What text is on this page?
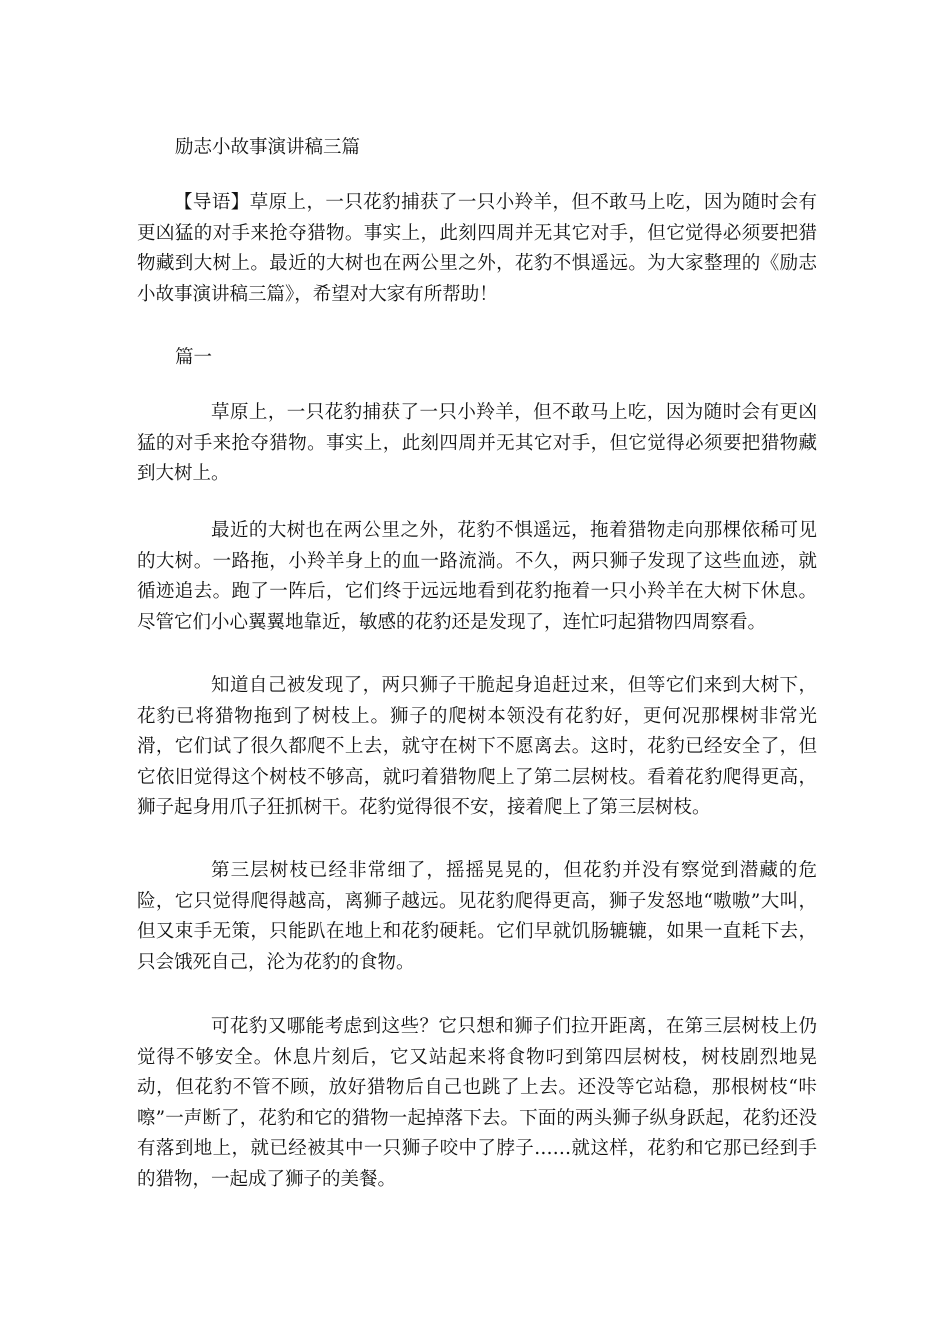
励志小故事演讲稿三篇

【导语】草原上，一只花豹捕获了一只小羚羊，但不敢马上吃，因为随时会有更凶猛的对手来抢夺猎物。事实上，此刻四周并无其它对手，但它觉得必须要把猎物藏到大树上。最近的大树也在两公里之外，花豹不惧遥远。为大家整理的《励志小故事演讲稿三篇》，希望对大家有所帮助！

篇一

草原上，一只花豹捕获了一只小羚羊，但不敢马上吃，因为随时会有更凶猛的对手来抢夺猎物。事实上，此刻四周并无其它对手，但它觉得必须要把猎物藏到大树上。

最近的大树也在两公里之外，花豹不惧遥远，拖着猎物走向那棵依稀可见的大树。一路拖，小羚羊身上的血一路流淌。不久，两只狮子发现了这些血迹，就循迹追去。跑了一阵后，它们终于远远地看到花豹拖着一只小羚羊在大树下休息。尽管它们小心翼翼地靠近，敏感的花豹还是发现了，连忙叼起猎物四周察看。

知道自己被发现了，两只狮子干脆起身追赶过来，但等它们来到大树下，花豹已将猎物拖到了树枝上。狮子的爬树本领没有花豹好，更何况那棵树非常光滑，它们试了很久都爬不上去，就守在树下不愿离去。这时，花豹已经安全了，但它依旧觉得这个树枝不够高，就叼着猎物爬上了第二层树枝。看着花豹爬得更高，狮子起身用爪子狂抓树干。花豹觉得很不安，接着爬上了第三层树枝。

第三层树枝已经非常细了，摇摇晃晃的，但花豹并没有察觉到潜藏的危险，它只觉得爬得越高，离狮子越远。见花豹爬得更高，狮子发怒地“嗷嗷”大叫，但又束手无策，只能趴在地上和花豹硬耗。它们早就饥肠辘辘，如果一直耗下去，只会饿死自己，沦为花豹的食物。

可花豹又哪能考虑到这些？它只想和狮子们拉开距离，在第三层树枝上仍觉得不够安全。休息片刻后，它又站起来将食物叼到第四层树枝，树枝剧烈地晃动，但花豹不管不顾，放好猎物后自己也跳了上去。还没等它站稳，那根树枝“咔嚓”一声断了，花豹和它的猎物一起掉落下去。下面的两头狮子纵身跃起，花豹还没有落到地上，就已经被其中一只狮子咬中了脖子……就这样，花豹和它那已经到手的猎物，一起成了狮子的美餐。
